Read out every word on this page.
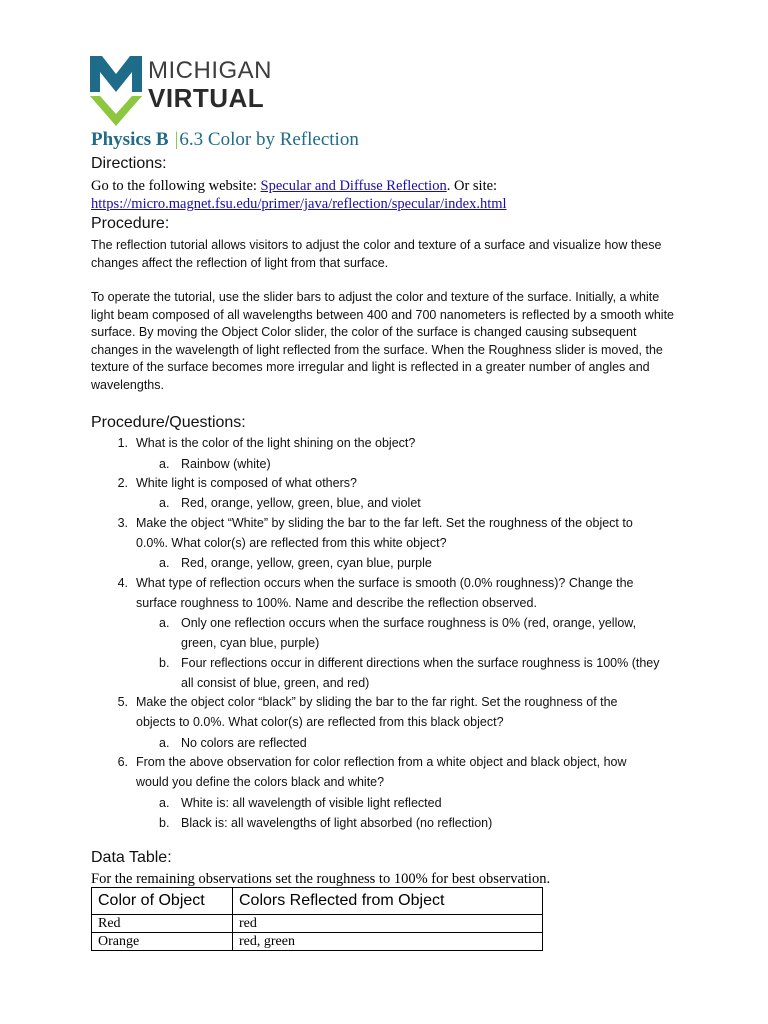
MICHIGAN
VIRTUAL
Physics B |6.3 Color by Reflection
Directions:
Go to the following website: Specular and Diffuse Reflection. Or site:
https://micro.magnet.fsu.edu/primer/java/reflection/specular/index.html
Procedure:
The reflection tutorial allows visitors to adjust the color and texture of a surface and visualize how these changes affect the reflection of light from that surface.
To operate the tutorial, use the slider bars to adjust the color and texture of the surface. Initially, a white light beam composed of all wavelengths between 400 and 700 nanometers is reflected by a smooth white surface. By moving the Object Color slider, the color of the surface is changed causing subsequent changes in the wavelength of light reflected from the surface. When the Roughness slider is moved, the texture of the surface becomes more irregular and light is reflected in a greater number of angles and wavelengths.
Procedure/Questions:
1. What is the color of the light shining on the object?
a. Rainbow (white)
2. White light is composed of what others?
a. Red, orange, yellow, green, blue, and violet
3. Make the object “White” by sliding the bar to the far left. Set the roughness of the object to 0.0%. What color(s) are reflected from this white object?
a. Red, orange, yellow, green, cyan blue, purple
4. What type of reflection occurs when the surface is smooth (0.0% roughness)? Change the surface roughness to 100%. Name and describe the reflection observed.
a. Only one reflection occurs when the surface roughness is 0% (red, orange, yellow, green, cyan blue, purple)
b. Four reflections occur in different directions when the surface roughness is 100% (they all consist of blue, green, and red)
5. Make the object color “black” by sliding the bar to the far right. Set the roughness of the objects to 0.0%. What color(s) are reflected from this black object?
a. No colors are reflected
6. From the above observation for color reflection from a white object and black object, how would you define the colors black and white?
a. White is: all wavelength of visible light reflected
b. Black is: all wavelengths of light absorbed (no reflection)
Data Table:
For the remaining observations set the roughness to 100% for best observation.
Color of Object	Colors Reflected from Object
Red	red
Orange	red, green
